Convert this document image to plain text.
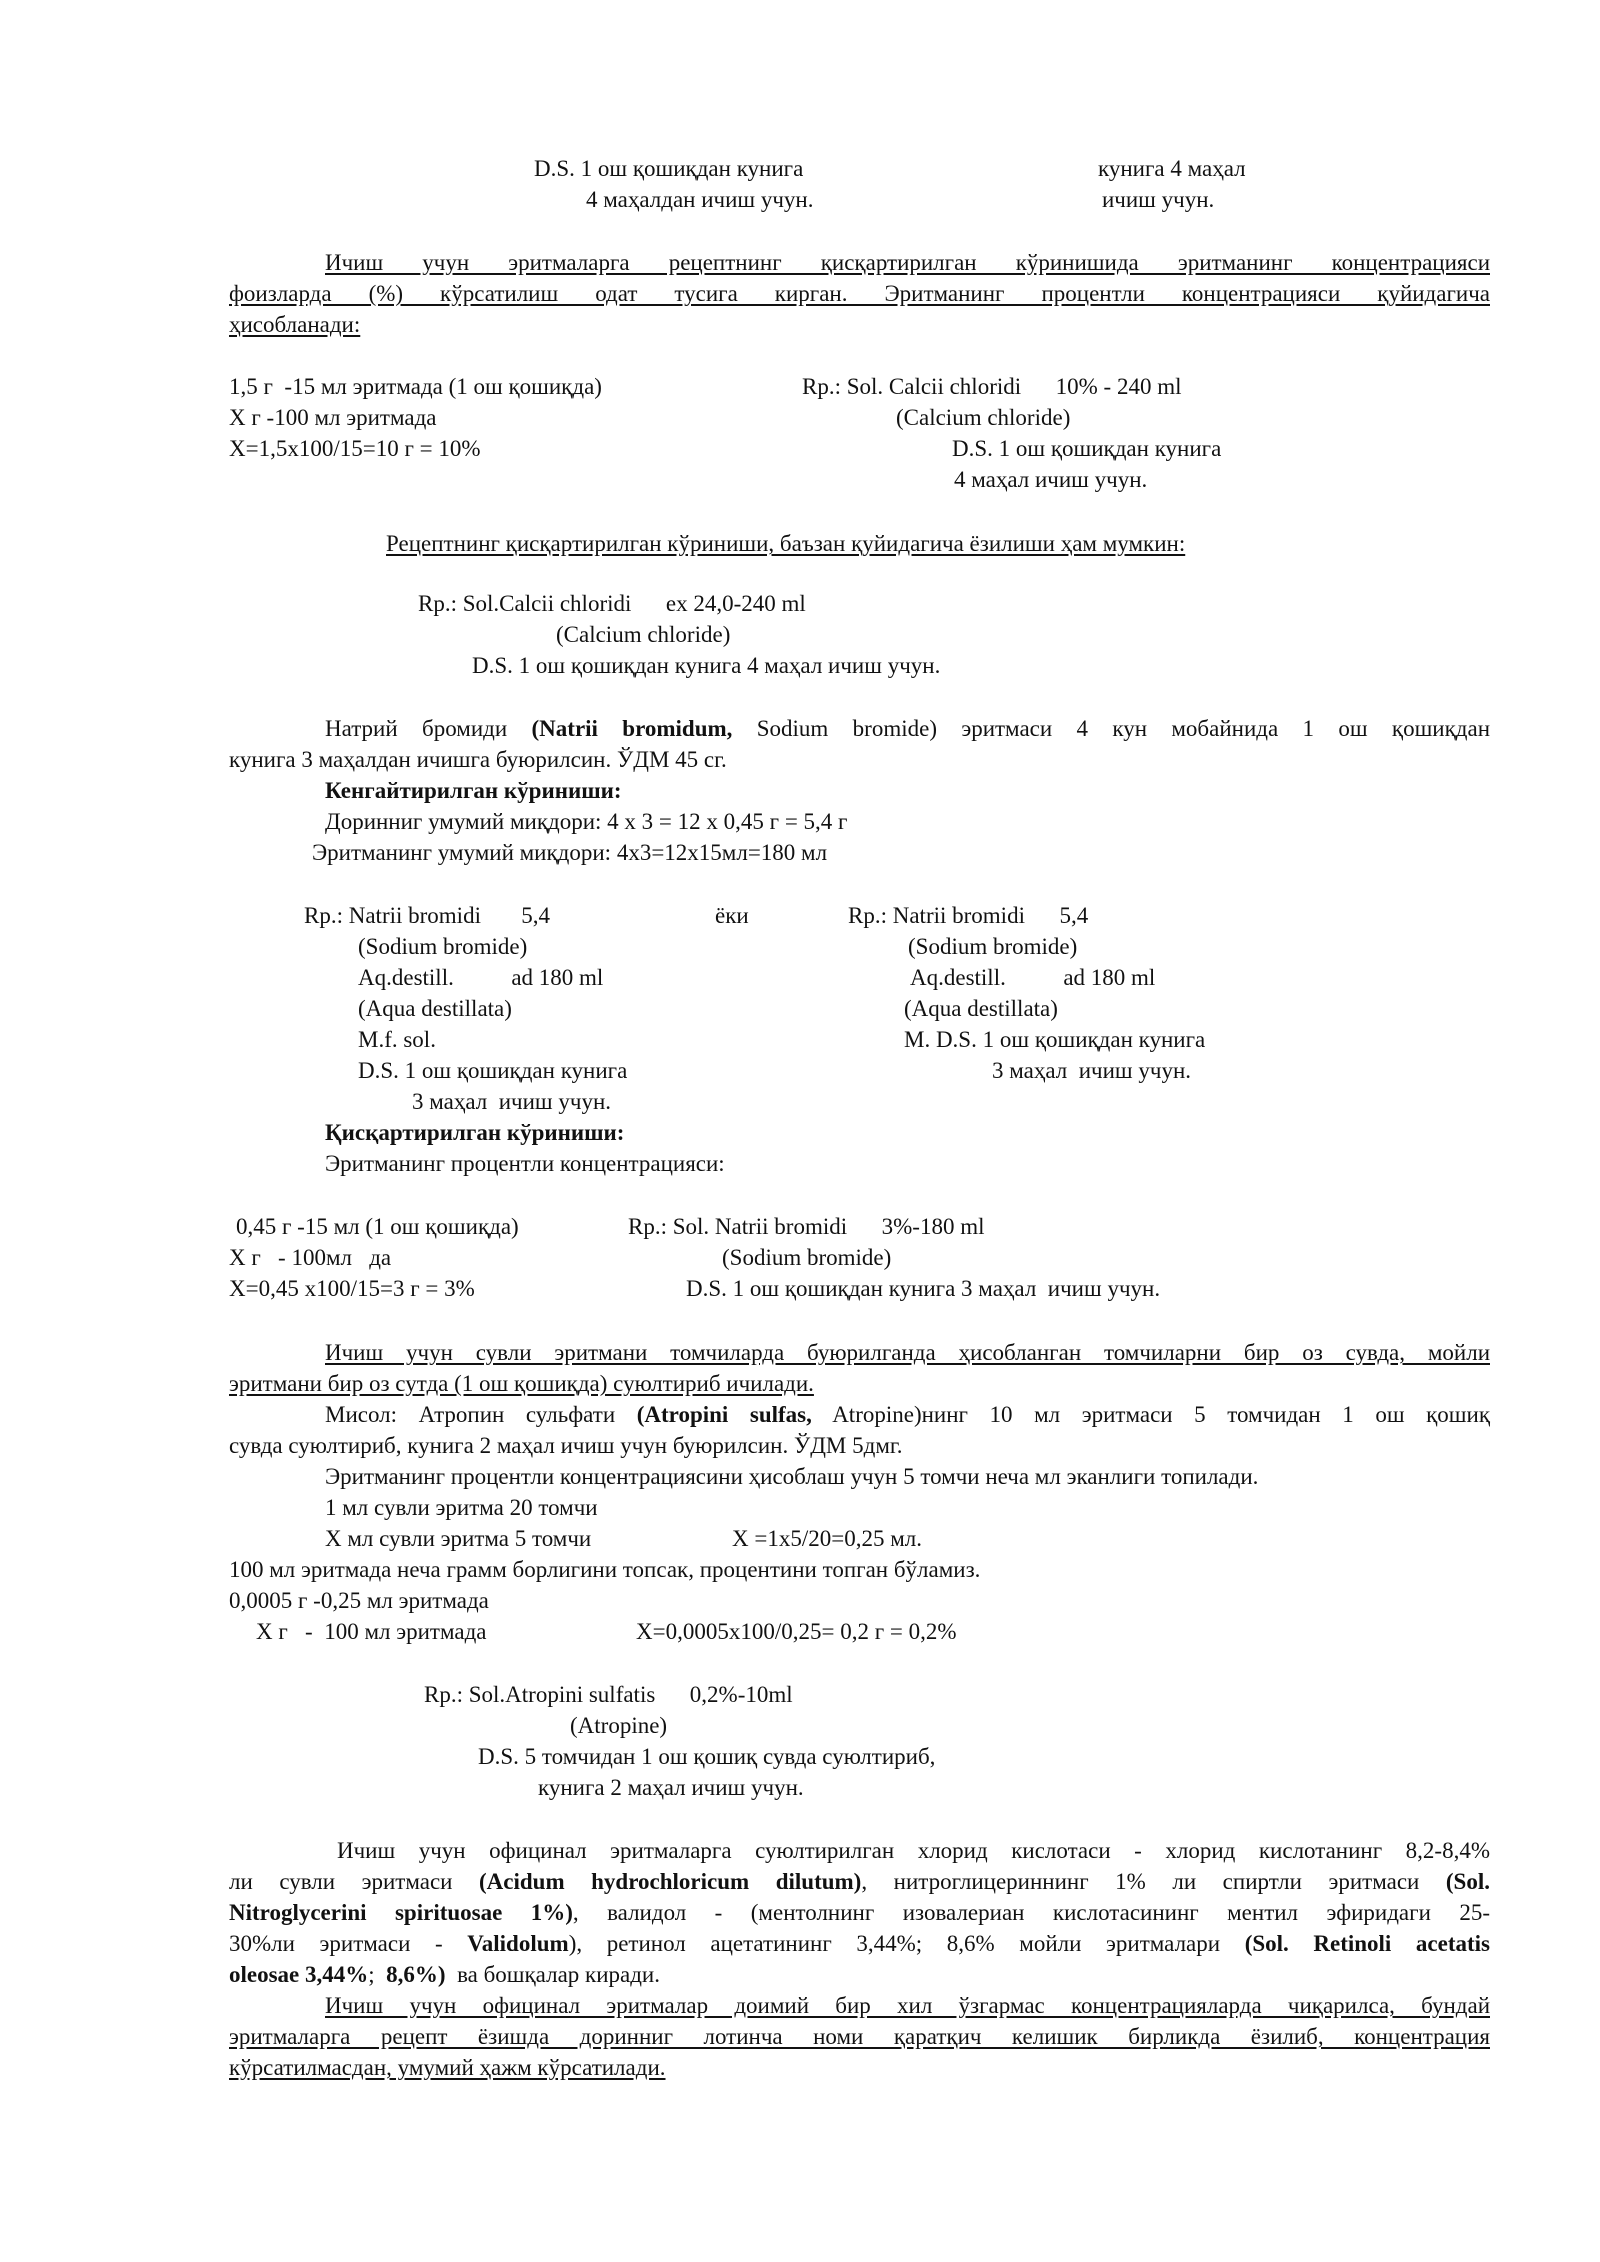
D.S. 1 ош қошиқдан кунига	кунига 4 маҳал
4 маҳалдан ичиш учун.	ичиш учун.
Ичиш учун эритмаларга рецептнинг қисқартирилган кўринишида эритманинг концентрацияси
фоизларда (%) кўрсатилиш одат тусига кирган. Эритманинг процентли концентрацияси қуйидагича
ҳисобланади:
1,5 г  -15 мл эритмада (1 ош қошиқда)
Х г -100 мл эритмада
Х=1,5х100/15=10 г = 10%
Rp.: Sol. Calcii chloridi      10% - 240 ml
(Calcium chloride)
D.S. 1 ош қошиқдан кунига
4 маҳал ичиш учун.
Рецептнинг қисқартирилган кўриниши, баъзан қуйидагича ёзилиши ҳам мумкин:
Rp.: Sol.Calcii chloridi      ex 24,0-240 ml
(Calcium chloride)
D.S. 1 ош қошиқдан кунига 4 маҳал ичиш учун.
Натрий бромиди (Natrii bromidum, Sodium bromide) эритмаси 4 кун мобайнида 1 ош қошиқдан
кунига 3 маҳалдан ичишга буюрилсин. ЎДМ 45 сг.
Кенгайтирилган кўриниши:
Доринниг умумий миқдори: 4 х 3 = 12 х 0,45 г = 5,4 г
Эритманинг умумий миқдори: 4х3=12х15мл=180 мл
Rp.: Natrii bromidi       5,4
(Sodium bromide)
Aq.destill.          ad 180 ml
(Aqua destillata)
M.f. sol.
D.S. 1 ош қошиқдан кунига
3 маҳал  ичиш учун.
ёки	Rp.: Natrii bromidi      5,4
(Sodium bromide)
Aq.destill.          ad 180 ml
(Aqua destillata)
M. D.S. 1 ош қошиқдан кунига
3 маҳал  ичиш учун.
Қисқартирилган кўриниши:
Эритманинг процентли концентрацияси:
0,45 г -15 мл (1 ош қошиқда)
Х г   - 100мл   да
Х=0,45 х100/15=3 г = 3%
Rp.: Sol. Natrii bromidi      3%-180 ml
(Sodium bromide)
D.S. 1 ош қошиқдан кунига 3 маҳал  ичиш учун.
Ичиш учун сувли эритмани томчиларда буюрилганда ҳисобланган томчиларни бир оз сувда, мойли
эритмани бир оз сутда (1 ош қошиқда) суюлтириб ичилади.
Мисол: Атропин сульфати (Atropini sulfas, Atropine)нинг 10 мл эритмаси 5 томчидан 1 ош қошиқ
сувда суюлтириб, кунига 2 маҳал ичиш учун буюрилсин. ЎДМ 5дмг.
Эритманинг процентли концентрациясини ҳисоблаш учун 5 томчи неча мл эканлиги топилади.
1 мл сувли эритма 20 томчи
Х мл сувли эритма 5 томчи	Х =1х5/20=0,25 мл.
100 мл эритмада неча грамм борлигини топсак, процентини топган бўламиз.
0,0005 г -0,25 мл эритмада
Х г   -  100 мл эритмада	Х=0,0005х100/0,25= 0,2 г = 0,2%
Rp.: Sol.Atropini sulfatis      0,2%-10ml
(Atropine)
D.S. 5 томчидан 1 ош қошиқ сувда суюлтириб,
кунига 2 маҳал ичиш учун.
Ичиш учун официнал эритмаларга суюлтирилган хлорид кислотаси - хлорид кислотанинг 8,2-8,4%
ли сувли эритмаси (Acidum hydrochloricum dilutum), нитроглицериннинг 1% ли спиртли эритмаси (Sol.
Nitroglycerini spirituosae 1%), валидол - (ментолнинг изовалериан кислотасининг ментил эфиридаги 25-
30%ли эритмаси - Validolum), ретинол ацетатининг 3,44%; 8,6% мойли эритмалари (Sol. Retinoli acetatis
oleosae 3,44%;  8,6%)  ва бошқалар киради.
Ичиш учун официнал эритмалар доимий бир хил ўзгармас концентрацияларда чиқарилса, бундай
эритмаларга рецепт ёзишда доринниг лотинча номи қаратқич келишик бирликда ёзилиб, концентрация
кўрсатилмасдан, умумий ҳажм кўрсатилади.
